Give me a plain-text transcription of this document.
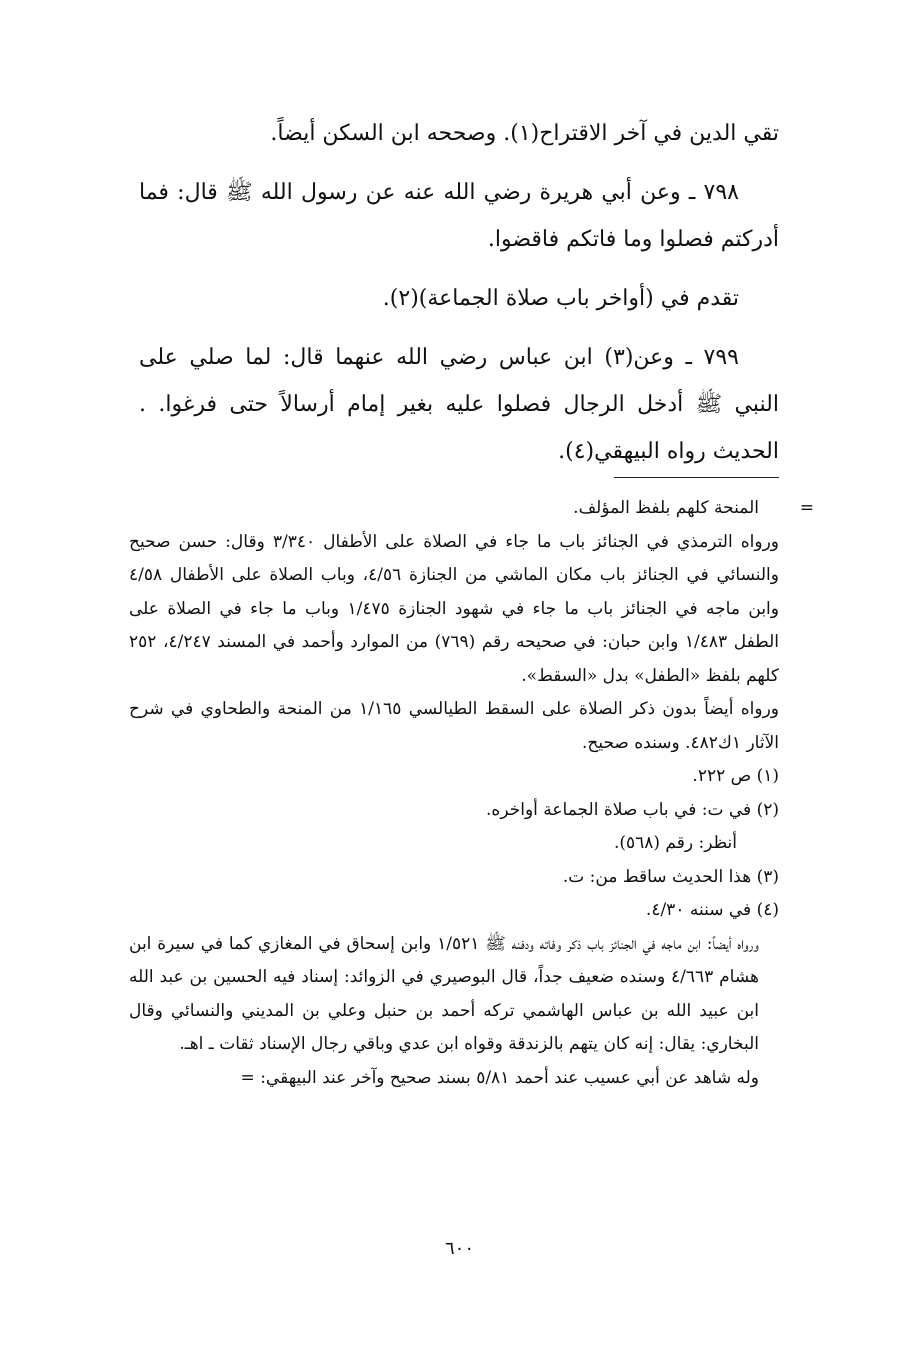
تقي الدين في آخر الاقتراح(١). وصححه ابن السكن أيضاً.

٧٩٨ ـ وعن أبي هريرة رضي الله عنه عن رسول الله ﷺ قال: فما أدركتم فصلوا وما فاتكم فاقضوا.

تقدم في (أواخر باب صلاة الجماعة)(٢).

٧٩٩ ـ وعن(٣) ابن عباس رضي الله عنهما قال: لما صلي على النبي ﷺ أدخل الرجال فصلوا عليه بغير إمام أرسالاً حتى فرغوا. . الحديث رواه البيهقي(٤).

=

المنحة كلهم بلفظ المؤلف.

ورواه الترمذي في الجنائز باب ما جاء في الصلاة على الأطفال ٣/٣٤٠ وقال: حسن صحيح والنسائي في الجنائز باب مكان الماشي من الجنازة ٤/٥٦، وباب الصلاة على الأطفال ٤/٥٨ وابن ماجه في الجنائز باب ما جاء في شهود الجنازة ١/٤٧٥ وباب ما جاء في الصلاة على الطفل ١/٤٨٣ وابن حبان: في صحيحه رقم (٧٦٩) من الموارد وأحمد في المسند ٤/٢٤٧، ٢٥٢ كلهم بلفظ «الطفل» بدل «السقط».

ورواه أيضاً بدون ذكر الصلاة على السقط الطيالسي ١/١٦٥ من المنحة والطحاوي في شرح الآثار ١ك٤٨٢. وسنده صحيح.

(١) ص ٢٢٢.

(٢) في ت: في باب صلاة الجماعة أواخره.

أنظر: رقم (٥٦٨).

(٣) هذا الحديث ساقط من: ت.

(٤) في سننه ٤/٣٠.

ورواه أيضاً: ابن ماجه في الجنائز باب ذكر وفاته ودفنه ﷺ ١/٥٢١ وابن إسحاق في المغازي كما في سيرة ابن هشام ٤/٦٦٣ وسنده ضعيف جداً، قال البوصيري في الزوائد: إسناد فيه الحسين بن عبد الله ابن عبيد الله بن عباس الهاشمي تركه أحمد بن حنبل وعلي بن المديني والنسائي وقال البخاري: يقال: إنه كان يتهم بالزندقة وقواه ابن عدي وباقي رجال الإسناد ثقات ـ اهـ.

وله شاهد عن أبي عسيب عند أحمد ٥/٨١ بسند صحيح وآخر عند البيهقي: =

٦٠٠
